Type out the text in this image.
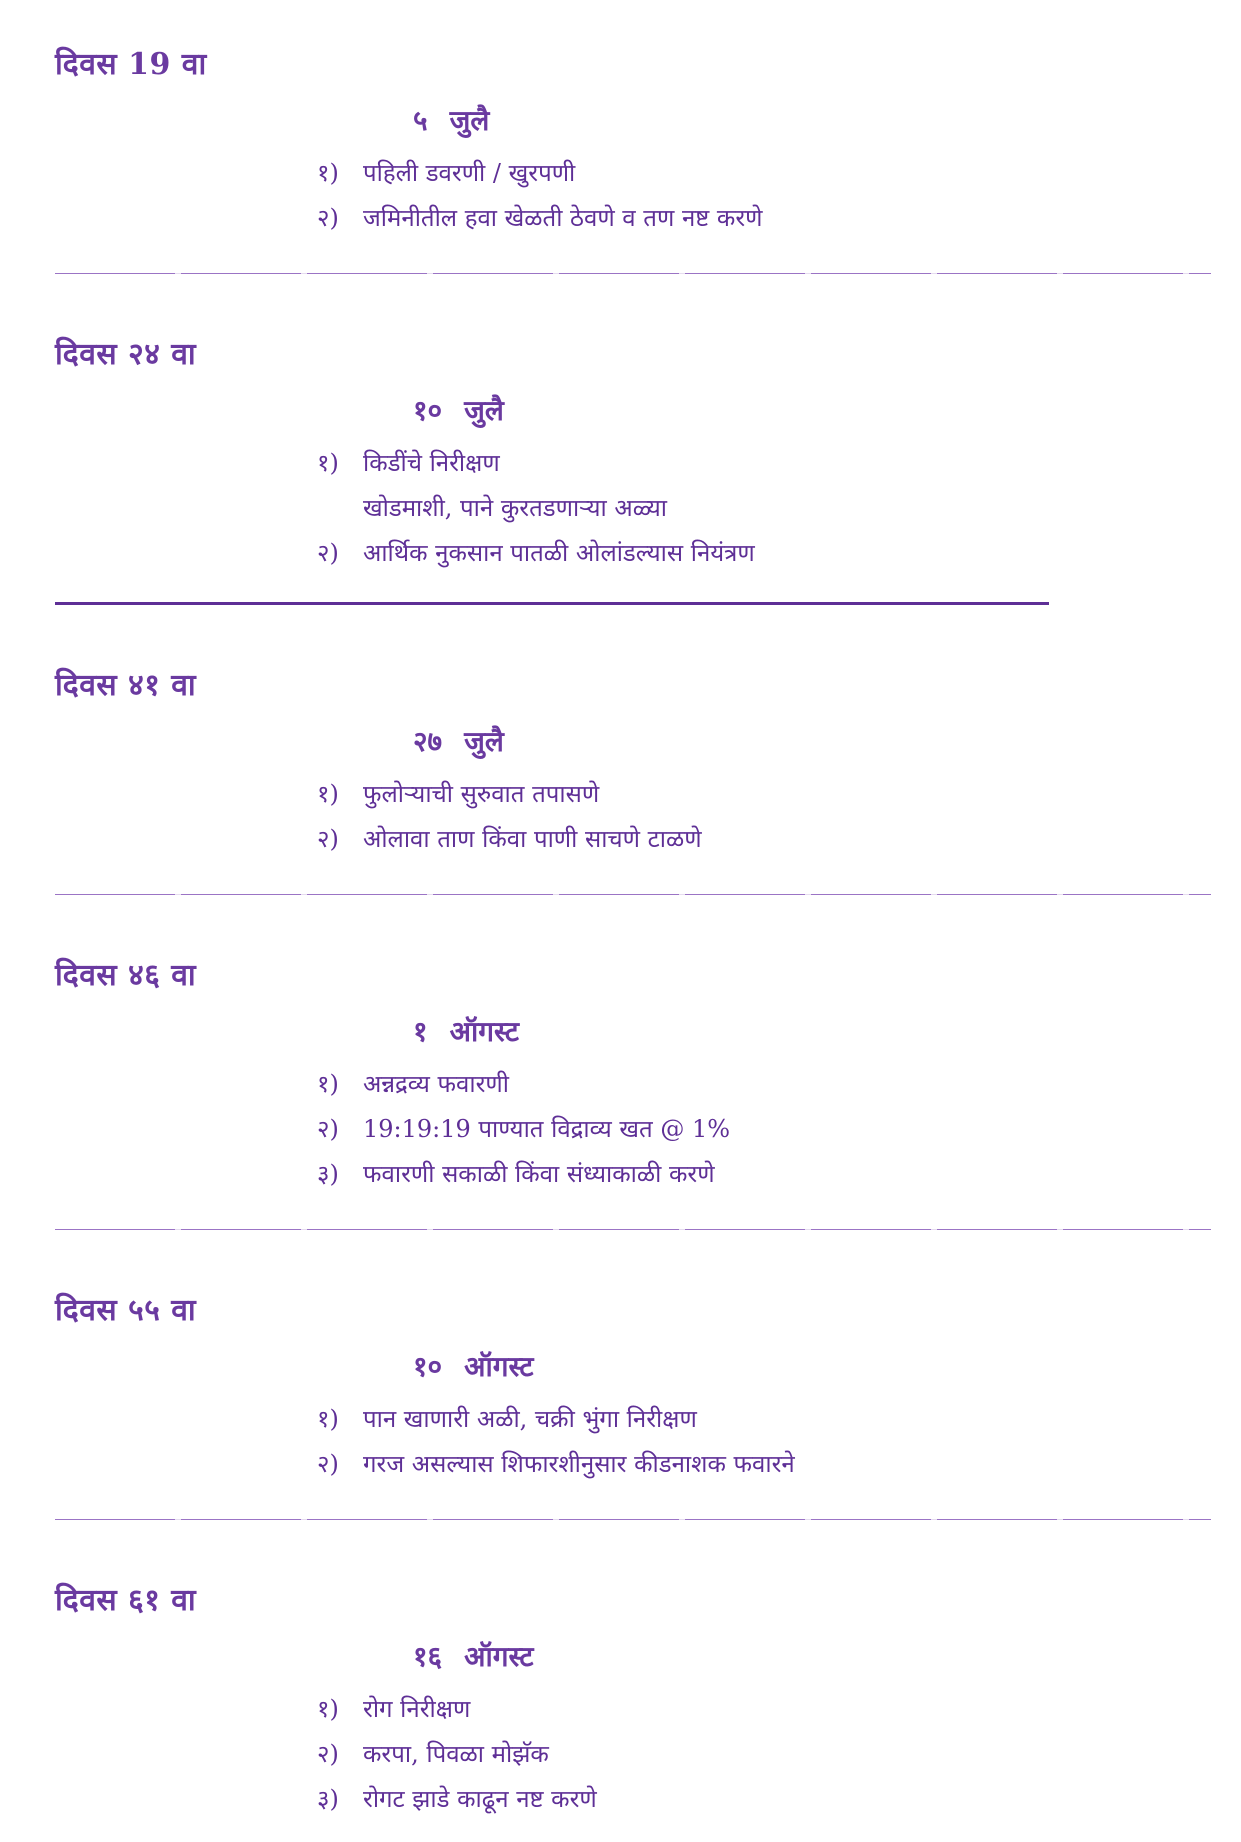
दिवस 19 वा
५ जुलै
१)	पहिली डवरणी / खुरपणी
२)	जमिनीतील हवा खेळती ठेवणे व तण नष्ट करणे
दिवस २४ वा
१० जुलै
१)	किडींचे निरीक्षण
खोडमाशी, पाने कुरतडणाऱ्या अळ्या
२)	आर्थिक नुकसान पातळी ओलांडल्यास नियंत्रण
दिवस ४१ वा
२७ जुलै
१)	फुलोऱ्याची सुरुवात तपासणे
२)	ओलावा ताण किंवा पाणी साचणे टाळणे
दिवस ४६ वा
१ ऑगस्ट
१)	अन्नद्रव्य फवारणी
२)	19:19:19 पाण्यात विद्राव्य खत @ 1%
३)	फवारणी सकाळी किंवा संध्याकाळी करणे
दिवस ५५ वा
१० ऑगस्ट
१)	पान खाणारी अळी, चक्री भुंगा निरीक्षण
२)	गरज असल्यास शिफारशीनुसार कीडनाशक फवारने
दिवस ६१ वा
१६ ऑगस्ट
१)	रोग निरीक्षण
२)	करपा, पिवळा मोझॅक
३)	रोगट झाडे काढून नष्ट करणे
